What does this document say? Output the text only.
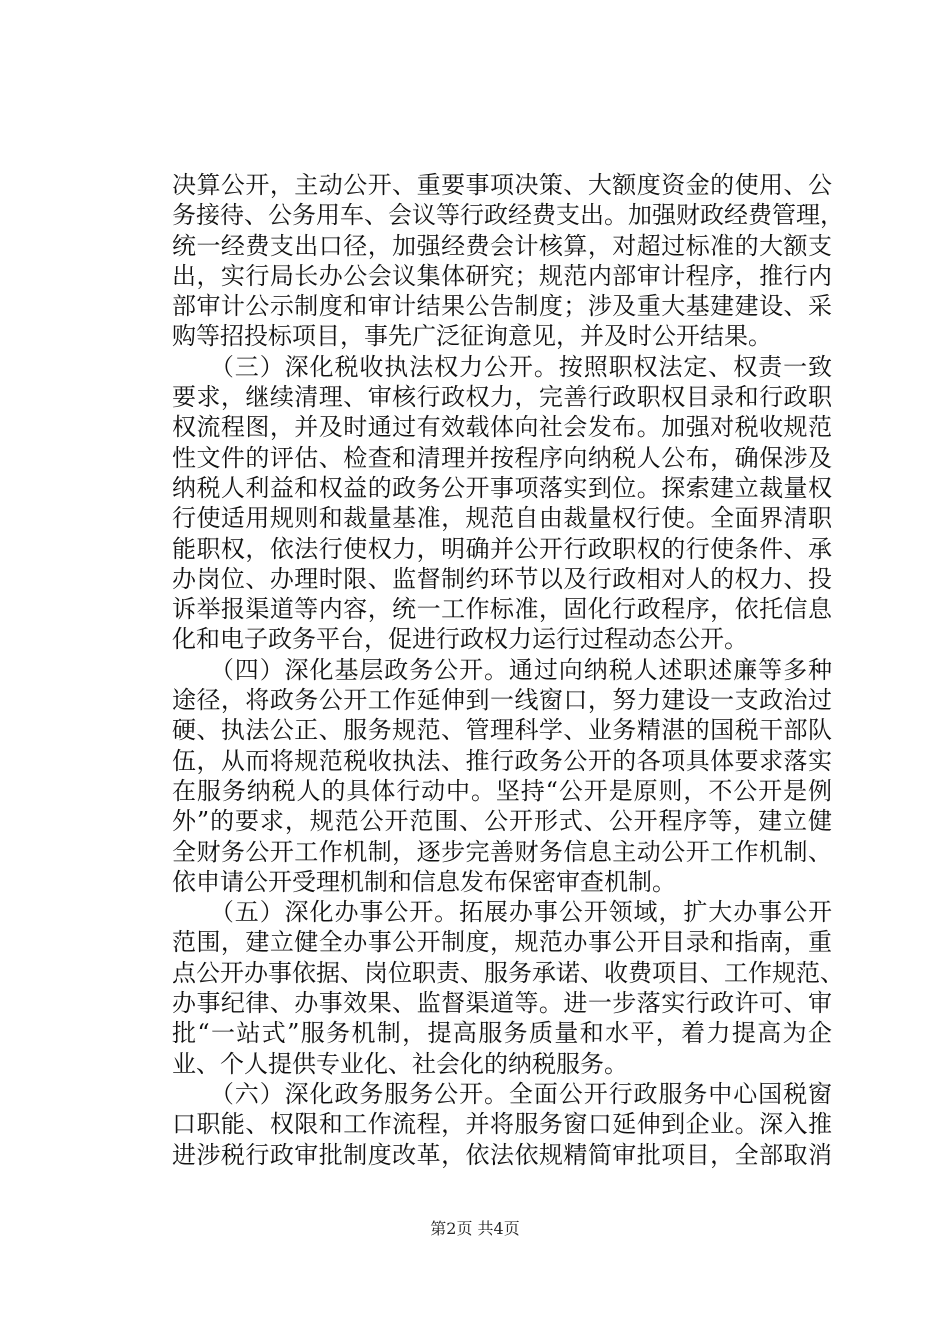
决算公开，主动公开、重要事项决策、大额度资金的使用、公
务接待、公务用车、会议等行政经费支出。加强财政经费管理，
统一经费支出口径，加强经费会计核算，对超过标准的大额支
出，实行局长办公会议集体研究；规范内部审计程序，推行内
部审计公示制度和审计结果公告制度；涉及重大基建建设、采
购等招投标项目，事先广泛征询意见，并及时公开结果。
　　（三）深化税收执法权力公开。按照职权法定、权责一致
要求，继续清理、审核行政权力，完善行政职权目录和行政职
权流程图，并及时通过有效载体向社会发布。加强对税收规范
性文件的评估、检查和清理并按程序向纳税人公布，确保涉及
纳税人利益和权益的政务公开事项落实到位。探索建立裁量权
行使适用规则和裁量基准，规范自由裁量权行使。全面界清职
能职权，依法行使权力，明确并公开行政职权的行使条件、承
办岗位、办理时限、监督制约环节以及行政相对人的权力、投
诉举报渠道等内容，统一工作标准，固化行政程序，依托信息
化和电子政务平台，促进行政权力运行过程动态公开。
　　（四）深化基层政务公开。通过向纳税人述职述廉等多种
途径，将政务公开工作延伸到一线窗口，努力建设一支政治过
硬、执法公正、服务规范、管理科学、业务精湛的国税干部队
伍，从而将规范税收执法、推行政务公开的各项具体要求落实
在服务纳税人的具体行动中。坚持“公开是原则，不公开是例
外”的要求，规范公开范围、公开形式、公开程序等，建立健
全财务公开工作机制，逐步完善财务信息主动公开工作机制、
依申请公开受理机制和信息发布保密审查机制。
　　（五）深化办事公开。拓展办事公开领域，扩大办事公开
范围，建立健全办事公开制度，规范办事公开目录和指南，重
点公开办事依据、岗位职责、服务承诺、收费项目、工作规范、
办事纪律、办事效果、监督渠道等。进一步落实行政许可、审
批“一站式”服务机制，提高服务质量和水平，着力提高为企
业、个人提供专业化、社会化的纳税服务。
　　（六）深化政务服务公开。全面公开行政服务中心国税窗
口职能、权限和工作流程，并将服务窗口延伸到企业。深入推
进涉税行政审批制度改革，依法依规精简审批项目，全部取消
第2页 共4页
